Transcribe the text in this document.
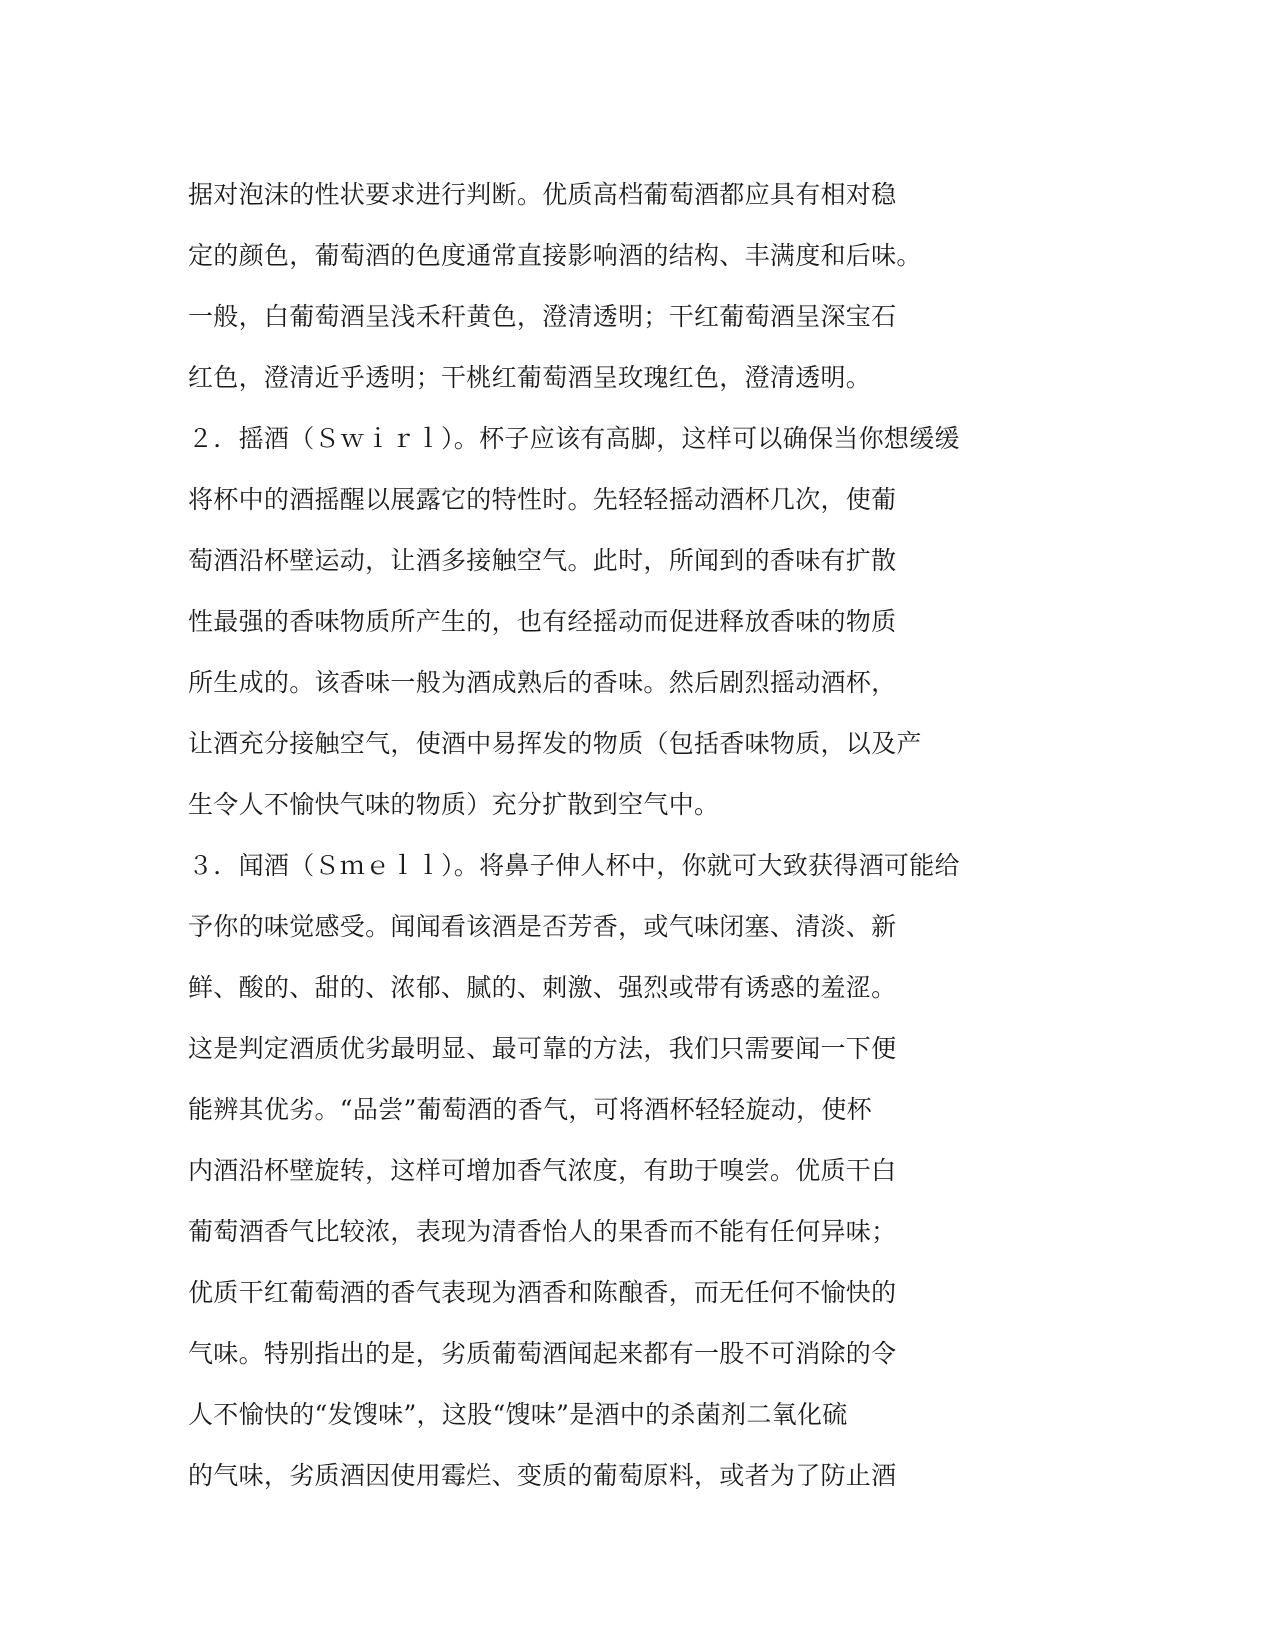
据对泡沫的性状要求进行判断。优质高档葡萄酒都应具有相对稳
定的颜色，葡萄酒的色度通常直接影响酒的结构、丰满度和后味。
一般，白葡萄酒呈浅禾秆黄色，澄清透明；干红葡萄酒呈深宝石
红色，澄清近乎透明；干桃红葡萄酒呈玫瑰红色，澄清透明。
２．摇酒（Ｓｗｉｒｌ）。杯子应该有高脚，这样可以确保当你想缓缓
将杯中的酒摇醒以展露它的特性时。先轻轻摇动酒杯几次，使葡
萄酒沿杯壁运动，让酒多接触空气。此时，所闻到的香味有扩散
性最强的香味物质所产生的，也有经摇动而促进释放香味的物质
所生成的。该香味一般为酒成熟后的香味。然后剧烈摇动酒杯，
让酒充分接触空气，使酒中易挥发的物质（包括香味物质，以及产
生令人不愉快气味的物质）充分扩散到空气中。
３．闻酒（Ｓｍｅｌｌ）。将鼻子伸人杯中，你就可大致获得酒可能给
予你的味觉感受。闻闻看该酒是否芳香，或气味闭塞、清淡、新
鲜、酸的、甜的、浓郁、腻的、刺激、强烈或带有诱惑的羞涩。
这是判定酒质优劣最明显、最可靠的方法，我们只需要闻一下便
能辨其优劣。“品尝”葡萄酒的香气，可将酒杯轻轻旋动，使杯
内酒沿杯壁旋转，这样可增加香气浓度，有助于嗅尝。优质干白
葡萄酒香气比较浓，表现为清香怡人的果香而不能有任何异味；
优质干红葡萄酒的香气表现为酒香和陈酿香，而无任何不愉快的
气味。特别指出的是，劣质葡萄酒闻起来都有一股不可消除的令
人不愉快的“发馊味”，这股“馊味”是酒中的杀菌剂二氧化硫
的气味，劣质酒因使用霉烂、变质的葡萄原料，或者为了防止酒
